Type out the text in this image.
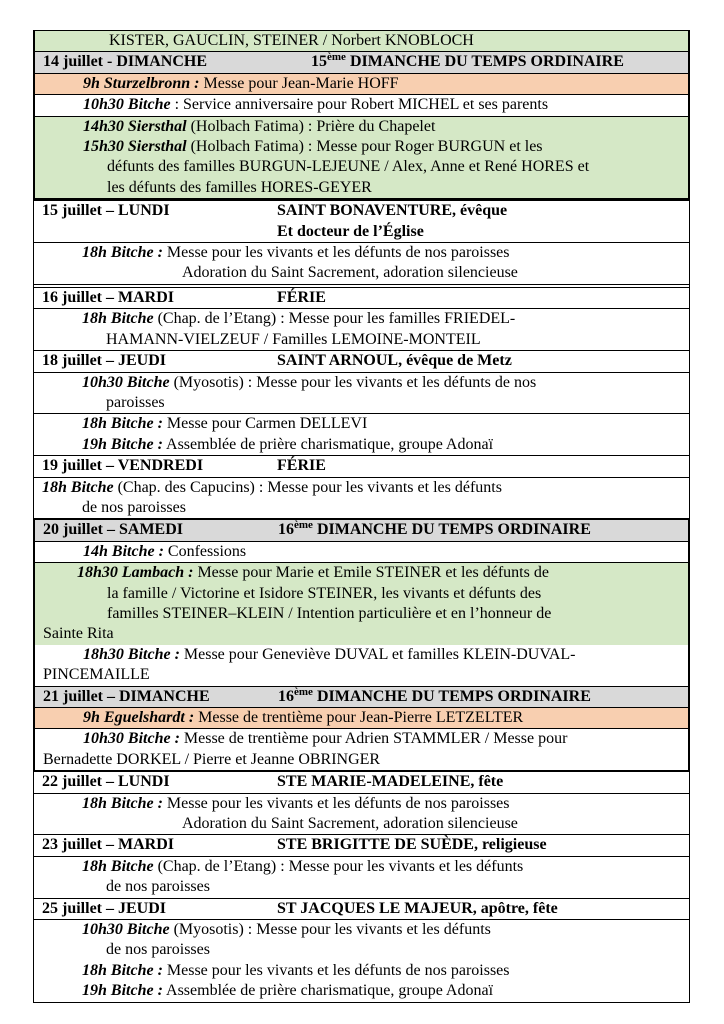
KISTER, GAUCLIN, STEINER / Norbert KNOBLOCH
14 juillet - DIMANCHE	15ème DIMANCHE DU TEMPS ORDINAIRE
9h Sturzelbronn : Messe pour Jean-Marie HOFF
10h30 Bitche : Service anniversaire pour Robert MICHEL et ses parents
14h30 Siersthal (Holbach Fatima) : Prière du Chapelet
15h30 Siersthal (Holbach Fatima) : Messe pour Roger BURGUN et les
défunts des familles BURGUN-LEJEUNE / Alex, Anne et René HORES et
les défunts des familles HORES-GEYER
15 juillet – LUNDI	SAINT BONAVENTURE, évêque
Et docteur de l’Église
18h Bitche : Messe pour les vivants et les défunts de nos paroisses
Adoration du Saint Sacrement, adoration silencieuse
16 juillet – MARDI	FÉRIE
18h Bitche (Chap. de l’Etang) : Messe pour les familles FRIEDEL-
HAMANN-VIELZEUF / Familles LEMOINE-MONTEIL
18 juillet – JEUDI	SAINT ARNOUL, évêque de Metz
10h30 Bitche (Myosotis) : Messe pour les vivants et les défunts de nos
paroisses
18h Bitche : Messe pour Carmen DELLEVI
19h Bitche : Assemblée de prière charismatique, groupe Adonaï
19 juillet – VENDREDI	FÉRIE
18h Bitche (Chap. des Capucins) : Messe pour les vivants et les défunts
de nos paroisses
20 juillet – SAMEDI	16ème DIMANCHE DU TEMPS ORDINAIRE
14h Bitche : Confessions
18h30 Lambach : Messe pour Marie et Emile STEINER et les défunts de
la famille / Victorine et Isidore STEINER, les vivants et défunts des
familles STEINER–KLEIN / Intention particulière et en l’honneur de
Sainte Rita
18h30 Bitche : Messe pour Geneviève DUVAL et familles KLEIN-DUVAL-
PINCEMAILLE
21 juillet – DIMANCHE	16ème DIMANCHE DU TEMPS ORDINAIRE
9h Eguelshardt : Messe de trentième pour Jean-Pierre LETZELTER
10h30 Bitche : Messe de trentième pour Adrien STAMMLER / Messe pour
Bernadette DORKEL / Pierre et Jeanne OBRINGER
22 juillet – LUNDI	STE MARIE-MADELEINE, fête
18h Bitche : Messe pour les vivants et les défunts de nos paroisses
Adoration du Saint Sacrement, adoration silencieuse
23 juillet – MARDI	STE BRIGITTE DE SUÈDE, religieuse
18h Bitche (Chap. de l’Etang) : Messe pour les vivants et les défunts
de nos paroisses
25 juillet – JEUDI	ST JACQUES LE MAJEUR, apôtre, fête
10h30 Bitche (Myosotis) : Messe pour les vivants et les défunts
de nos paroisses
18h Bitche : Messe pour les vivants et les défunts de nos paroisses
19h Bitche : Assemblée de prière charismatique, groupe Adonaï
